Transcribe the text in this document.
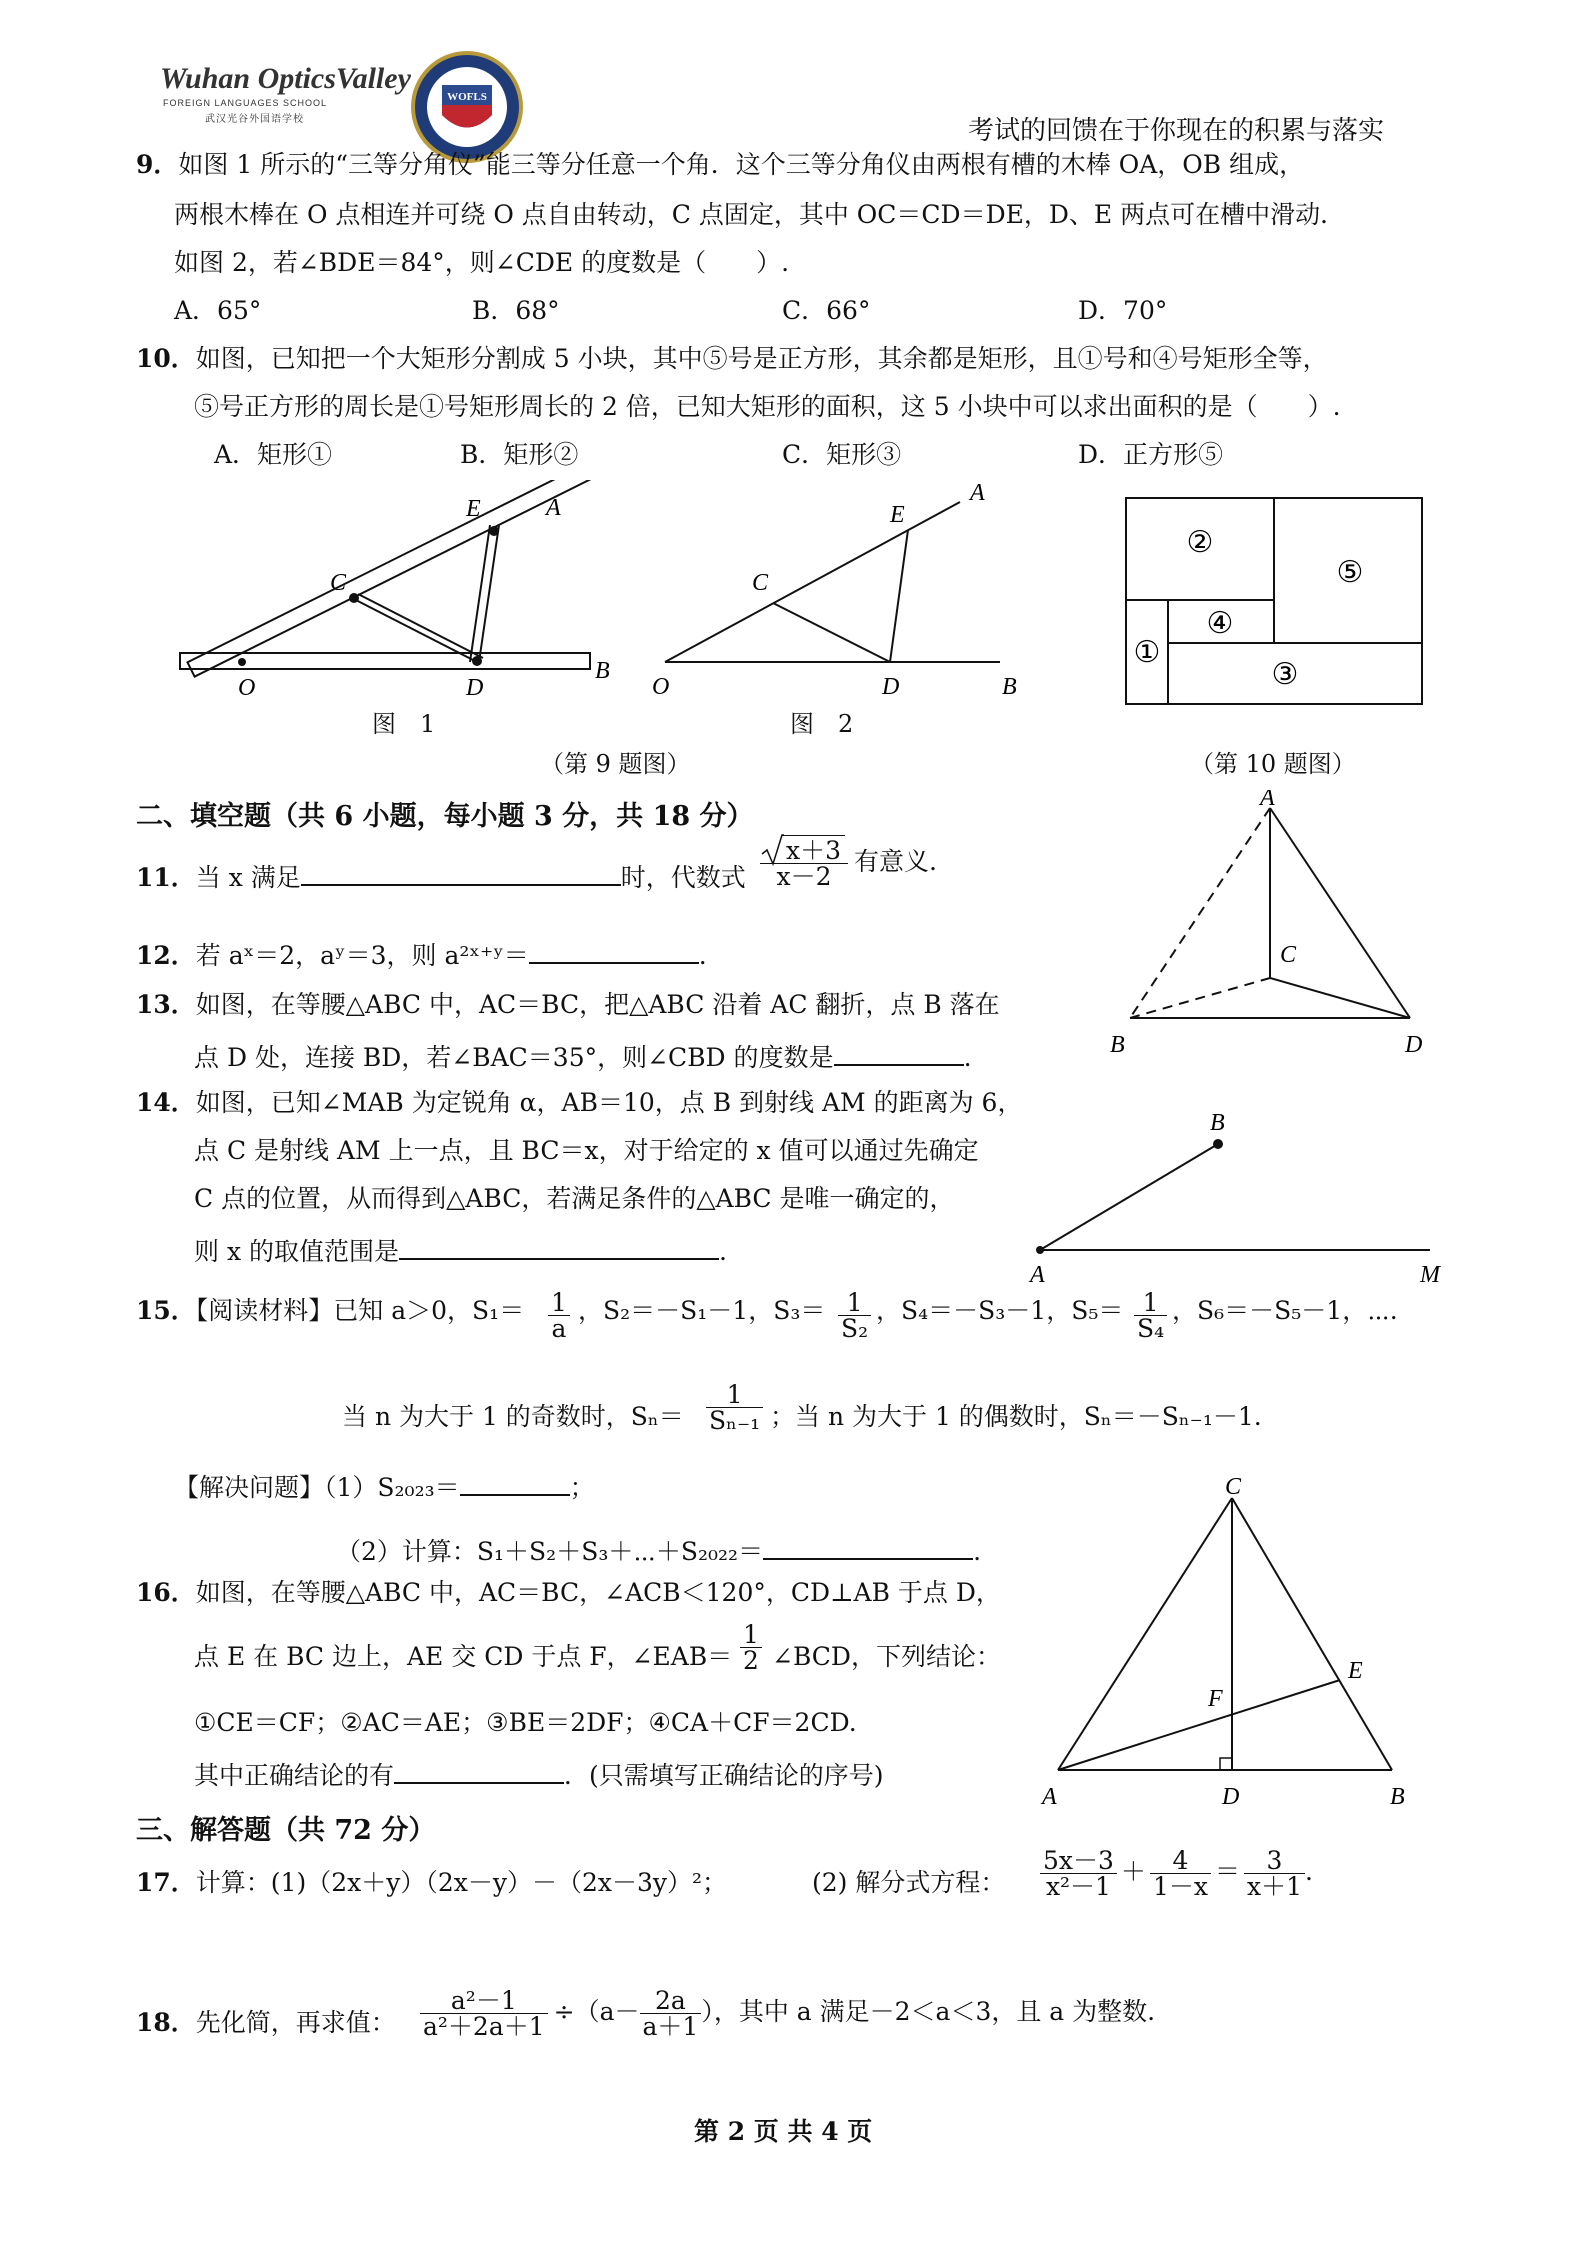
Wuhan OpticsValley
FOREIGN LANGUAGES SCHOOL
武汉光谷外国语学校
WOFLS
考试的回馈在于你现在的积累与落实
9．如图 1 所示的“三等分角仪”能三等分任意一个角．这个三等分角仪由两根有槽的木棒 OA，OB 组成，
两根木棒在 O 点相连并可绕 O 点自由转动，C 点固定，其中 OC＝CD＝DE，D、E 两点可在槽中滑动．
如图 2，若∠BDE＝84°，则∠CDE 的度数是（　　）.
A．65°	B．68°	C．66°	D．70°
10．如图，已知把一个大矩形分割成 5 小块，其中⑤号是正方形，其余都是矩形，且①号和④号矩形全等，
⑤号正方形的周长是①号矩形周长的 2 倍，已知大矩形的面积，这 5 小块中可以求出面积的是（　　）.
A．矩形①	B．矩形②	C．矩形③	D．正方形⑤
O
C
D
E	A
B
图　1
O
C
D
E
A
B
图　2
（第 9 题图）
②
⑤
④
①
③
（第 10 题图）
二、填空题（共 6 小题，每小题 3 分，共 18 分）
11．当 x 满足	时，代数式 $\frac{x+3}{x-2}$ 有意义.
12．若 aˣ＝2，aʸ＝3，则 a²ˣ⁺ʸ＝	.
13．如图，在等腰△ABC 中，AC＝BC，把△ABC 沿着 AC 翻折，点 B 落在
点 D 处，连接 BD，若∠BAC＝35°，则∠CBD 的度数是	.
A
C
B	D
14．如图，已知∠MAB 为定锐角 α，AB＝10，点 B 到射线 AM 的距离为 6，
点 C 是射线 AM 上一点，且 BC＝x，对于给定的 x 值可以通过先确定
C 点的位置，从而得到△ABC，若满足条件的△ABC 是唯一确定的，
则 x 的取值范围是	.
A
B
M
15．【阅读材料】已知 a＞0，$S_1= \frac{1}{a}$ ，S₂＝－S₁－1，$S_3= \frac{1}{\text{S₂}}$ ，S₄＝－S₃－1，$S_5= \frac{1}{\text{S₄}}$ ，S₆＝－S₅－1，⋯.
当 n 为大于 1 的奇数时，$S_n= \frac{1}{\text{Sₙ₋₁}}$ ；当 n 为大于 1 的偶数时，Sₙ＝－Sₙ₋₁－1.
【解决问题】（1）S₂₀₂₃＝	；
（2）计算：S₁＋S₂＋S₃＋⋯＋S₂₀₂₂＝	.
16．如图，在等腰△ABC 中，AC＝BC，∠ACB＜120°，CD⊥AB 于点 D，
点 E 在 BC 边上，AE 交 CD 于点 F，∠EAB＝ $\frac{1}{2}$ ∠BCD，下列结论：
①CE＝CF；②AC＝AE；③BE＝2DF；④CA＋CF＝2CD.
其中正确结论的有	．(只需填写正确结论的序号)
C
F
E
A	D	B
三、解答题（共 72 分）
17．计算：(1)（2x＋y）（2x－y）－（2x－3y）²；	(2) 解分式方程： $\frac{5x-3}{\text{x²－1}} + \frac{4}{1-x} = \frac{3}{x+1}$ .
18．先化简，再求值： $\frac{\text{a²－1}}{\text{a²＋2a＋1}} \div(a- \frac{2a}{a+1}$ ），其中 a 满足－2＜a＜3，且 a 为整数.
第 2 页 共 4 页
